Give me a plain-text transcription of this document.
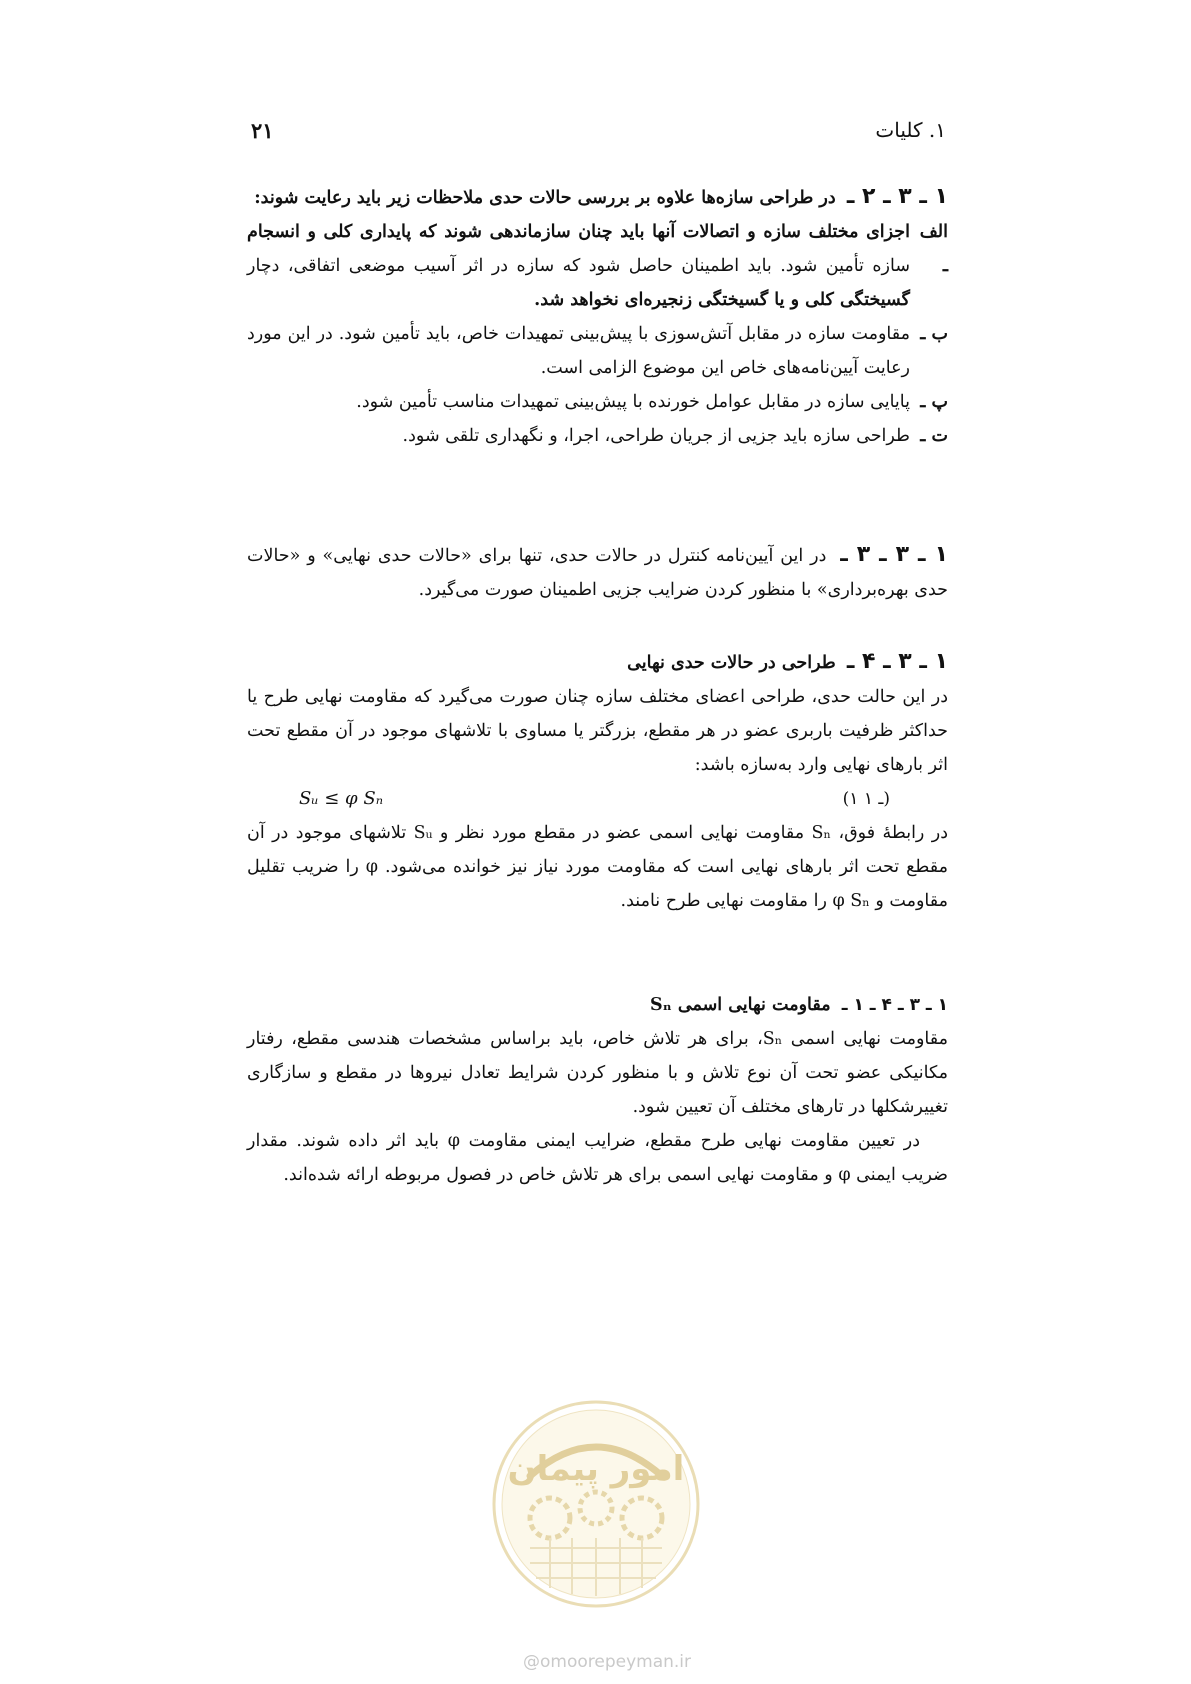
۲۱	۱. کلیات

۱ ـ ۳ ـ ۲ ـ  در طراحی سازه‌ها علاوه بر بررسی حالات حدی ملاحظات زیر باید رعایت شوند:

الف ـ
اجزای مختلف سازه و اتصالات آنها باید چنان سازماندهی شوند که پایداری کلی و انسجام سازه تأمین شود. باید اطمینان حاصل شود که سازه در اثر آسیب موضعی اتفاقی، دچار گسیختگی کلی و یا گسیختگی زنجیره‌ای نخواهد شد.
ب ـ
مقاومت سازه در مقابل آتش‌سوزی با پیش‌بینی تمهیدات خاص، باید تأمین شود. در این مورد رعایت آیین‌نامه‌های خاص این موضوع الزامی است.
پ ـ
پایایی سازه در مقابل عوامل خورنده با پیش‌بینی تمهیدات مناسب تأمین شود.
ت ـ
طراحی سازه باید جزیی از جریان طراحی، اجرا، و نگهداری تلقی شود.

۱ ـ ۳ ـ ۳ ـ  در این آیین‌نامه کنترل در حالات حدی، تنها برای «حالات حدی نهایی» و «حالات حدی بهره‌برداری» با منظور کردن ضرایب جزیی اطمینان صورت می‌گیرد.

۱ ـ ۳ ـ ۴ ـ  طراحی در حالات حدی نهایی

در این حالت حدی، طراحی اعضای مختلف سازه چنان صورت می‌گیرد که مقاومت نهایی طرح یا حداکثر ظرفیت باربری عضو در هر مقطع، بزرگتر یا مساوی با تلاشهای موجود در آن مقطع تحت اثر بارهای نهایی وارد به‌سازه باشد:

Sᵤ ≤ φ Sₙ	(۱ ـ ۱)

در رابطهٔ فوق، Sₙ مقاومت نهایی اسمی عضو در مقطع مورد نظر و Sᵤ تلاشهای موجود در آن مقطع تحت اثر بارهای نهایی است که مقاومت مورد نیاز نیز خوانده می‌شود. φ را ضریب تقلیل مقاومت و φ Sₙ را مقاومت نهایی طرح نامند.

۱ ـ ۳ ـ ۴ ـ ۱ ـ  مقاومت نهایی اسمی Sₙ

مقاومت نهایی اسمی Sₙ، برای هر تلاش خاص، باید براساس مشخصات هندسی مقطع، رفتار مکانیکی عضو تحت آن نوع تلاش و با منظور کردن شرایط تعادل نیروها در مقطع و سازگاری تغییرشکلها در تارهای مختلف آن تعیین شود.

در تعیین مقاومت نهایی طرح مقطع، ضرایب ایمنی مقاومت φ باید اثر داده شوند. مقدار ضریب ایمنی φ و مقاومت نهایی اسمی برای هر تلاش خاص در فصول مربوطه ارائه شده‌اند.

امور پیمان
@omoorepeyman.ir
